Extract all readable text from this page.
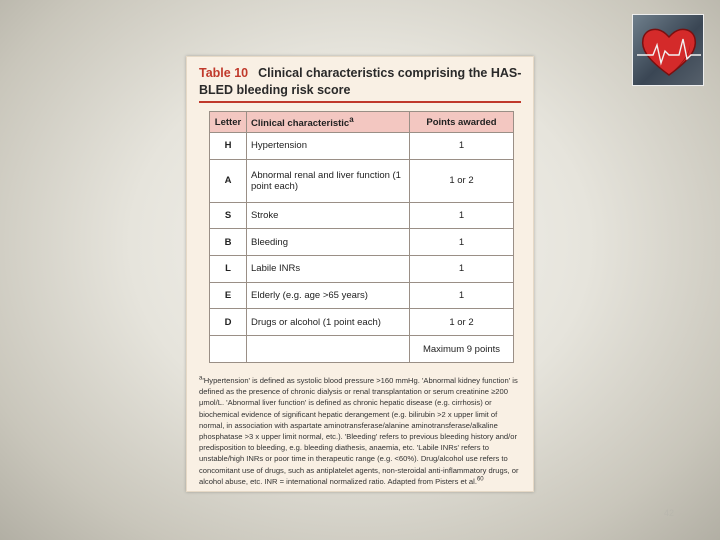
Table 10 Clinical characteristics comprising the HAS-BLED bleeding risk score
Letter	Clinical characteristic$^a$	Points awarded
H	Hypertension	1
A	Abnormal renal and liver function (1 point each)	1 or 2
S	Stroke	1
B	Bleeding	1
L	Labile INRs	1
E	Elderly (e.g. age >65 years)	1
D	Drugs or alcohol (1 point each)	1 or 2
		Maximum 9 points

$^a$'Hypertension' is defined as systolic blood pressure >160 mmHg. 'Abnormal kidney function' is defined as the presence of chronic dialysis or renal transplantation or serum creatinine ≥200 μmol/L. 'Abnormal liver function' is defined as chronic hepatic disease (e.g. cirrhosis) or biochemical evidence of significant hepatic derangement (e.g. bilirubin >2 x upper limit of normal, in association with aspartate aminotransferase/alanine aminotransferase/alkaline phosphatase >3 x upper limit normal, etc.). 'Bleeding' refers to previous bleeding history and/or predisposition to bleeding, e.g. bleeding diathesis, anaemia, etc. 'Labile INRs' refers to unstable/high INRs or poor time in therapeutic range (e.g. <60%). Drug/alcohol use refers to concomitant use of drugs, such as antiplatelet agents, non-steroidal anti-inflammatory drugs, or alcohol abuse, etc. INR = international normalized ratio. Adapted from Pisters et al.$^{60}$

42
